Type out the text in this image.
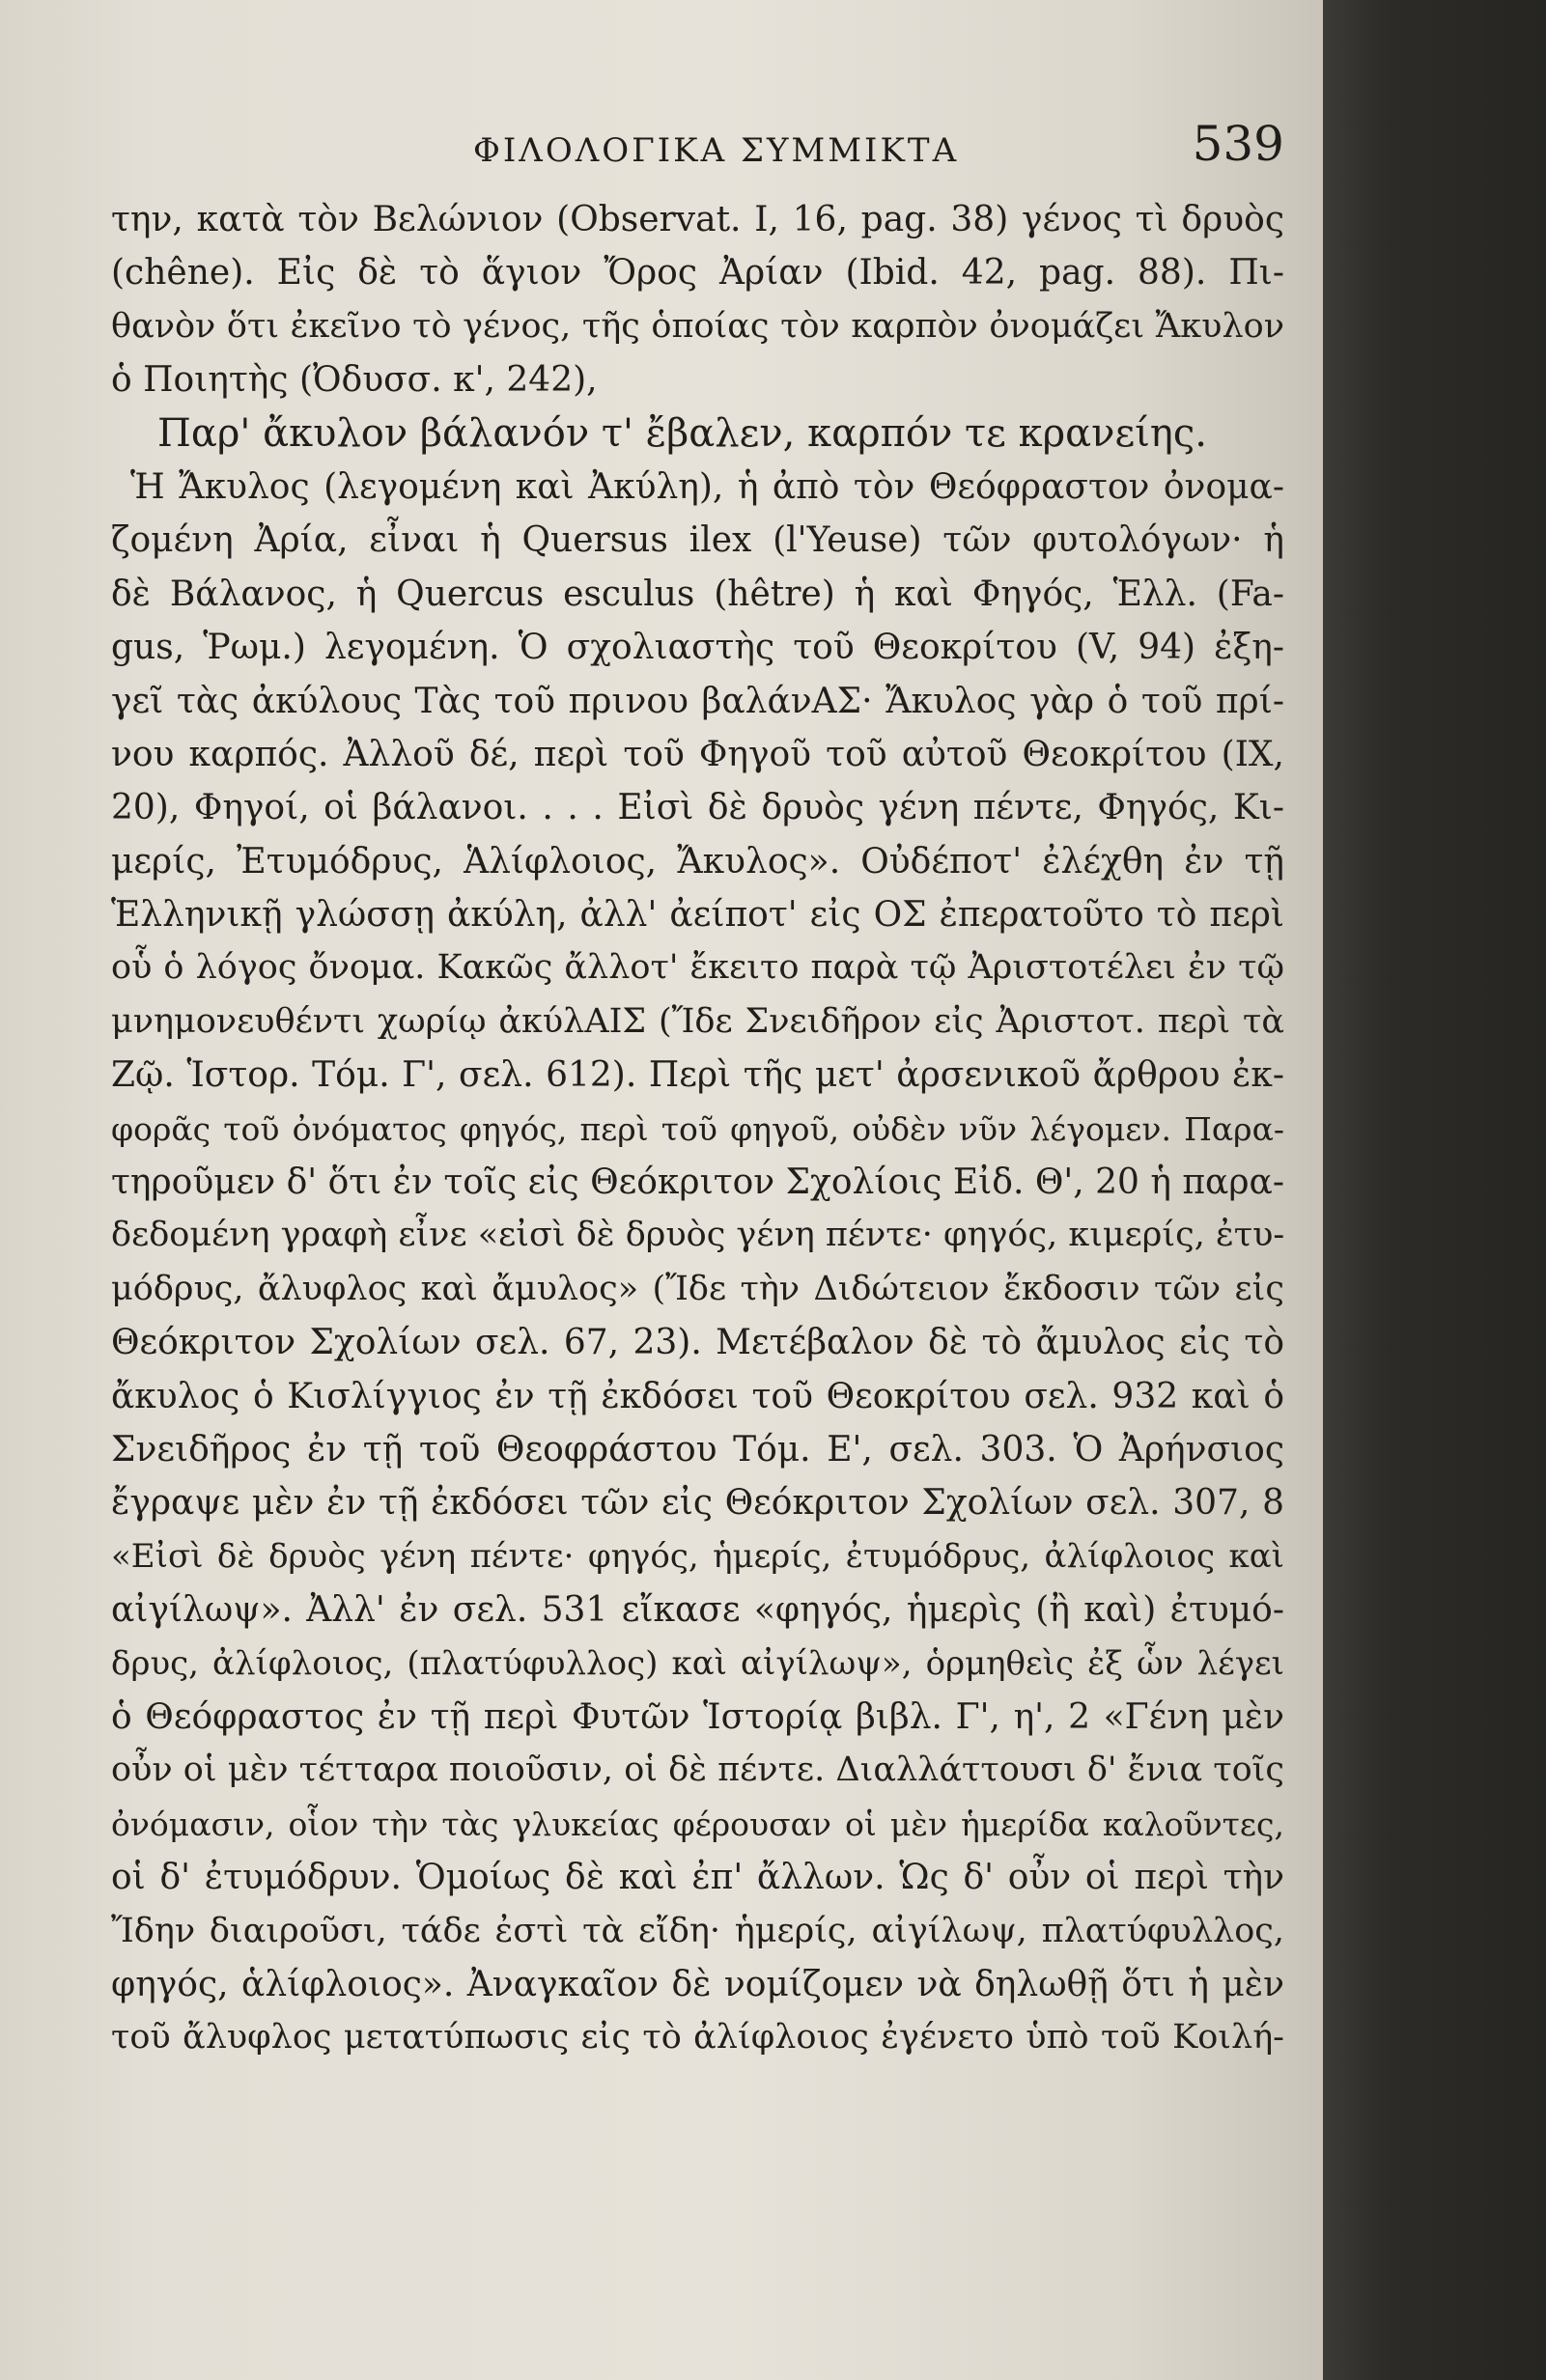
ΦΙΛΟΛΟΓΙΚΑ ΣΥΜΜΙΚΤΑ	539
την, κατὰ τὸν Βελώνιον (Observat. I, 16, pag. 38) γένος τὶ δρυὸς
(chêne). Εἰς δὲ τὸ ἅγιον Ὄρος Ἀρίαν (Ibid. 42, pag. 88). Πι-
θανὸν ὅτι ἐκεῖνο τὸ γένος, τῆς ὁποίας τὸν καρπὸν ὀνομάζει Ἄκυλον
ὁ Ποιητὴς (Ὀδυσσ. κ', 242),
Παρ' ἄκυλον βάλανόν τ' ἔβαλεν, καρπόν τε κρανείης.
Ἡ Ἄκυλος (λεγομένη καὶ Ἀκύλη), ἡ ἀπὸ τὸν Θεόφραστον ὀνομα-
ζομένη Ἀρία, εἶναι ἡ Quersus ilex (l'Yeuse) τῶν φυτολόγων· ἡ
δὲ Βάλανος, ἡ Quercus esculus (hêtre) ἡ καὶ Φηγός, Ἑλλ. (Fa-
gus, Ῥωμ.) λεγομένη. Ὁ σχολιαστὴς τοῦ Θεοκρίτου (V, 94) ἐξη-
γεῖ τὰς ἀκύλους Τὰς τοῦ πρινου βαλάνΑΣ· Ἄκυλος γὰρ ὁ τοῦ πρί-
νου καρπός. Ἀλλοῦ δέ, περὶ τοῦ Φηγοῦ τοῦ αὐτοῦ Θεοκρίτου (IX,
20), Φηγοί, οἱ βάλανοι. . . . Εἰσὶ δὲ δρυὸς γένη πέντε, Φηγός, Κι-
μερίς, Ἐτυμόδρυς, Ἁλίφλοιος, Ἄκυλος». Οὐδέποτ' ἐλέχθη ἐν τῇ
Ἑλληνικῇ γλώσσῃ ἀκύλη, ἀλλ' ἀείποτ' εἰς ΟΣ ἐπερατοῦτο τὸ περὶ
οὗ ὁ λόγος ὄνομα. Κακῶς ἄλλοτ' ἔκειτο παρὰ τῷ Ἀριστοτέλει ἐν τῷ
μνημονευθέντι χωρίῳ ἀκύλΑΙΣ (Ἴδε Σνειδῆρον εἰς Ἀριστοτ. περὶ τὰ
Ζῷ. Ἱστορ. Τόμ. Γ', σελ. 612). Περὶ τῆς μετ' ἀρσενικοῦ ἄρθρου ἐκ-
φορᾶς τοῦ ὀνόματος φηγός, περὶ τοῦ φηγοῦ, οὐδὲν νῦν λέγομεν. Παρα-
τηροῦμεν δ' ὅτι ἐν τοῖς εἰς Θεόκριτον Σχολίοις Εἰδ. Θ', 20 ἡ παρα-
δεδομένη γραφὴ εἶνε «εἰσὶ δὲ δρυὸς γένη πέντε· φηγός, κιμερίς, ἐτυ-
μόδρυς, ἄλυφλος καὶ ἄμυλος» (Ἴδε τὴν Διδώτειον ἔκδοσιν τῶν εἰς
Θεόκριτον Σχολίων σελ. 67, 23). Μετέβαλον δὲ τὸ ἄμυλος εἰς τὸ
ἄκυλος ὁ Κισλίγγιος ἐν τῇ ἐκδόσει τοῦ Θεοκρίτου σελ. 932 καὶ ὁ
Σνειδῆρος ἐν τῇ τοῦ Θεοφράστου Τόμ. Ε', σελ. 303. Ὁ Ἀρήνσιος
ἔγραψε μὲν ἐν τῇ ἐκδόσει τῶν εἰς Θεόκριτον Σχολίων σελ. 307, 8
«Εἰσὶ δὲ δρυὸς γένη πέντε· φηγός, ἡμερίς, ἐτυμόδρυς, ἀλίφλοιος καὶ
αἰγίλωψ». Ἀλλ' ἐν σελ. 531 εἴκασε «φηγός, ἡμερὶς (ἢ καὶ) ἐτυμό-
δρυς, ἀλίφλοιος, (πλατύφυλλος) καὶ αἰγίλωψ», ὁρμηθεὶς ἐξ ὧν λέγει
ὁ Θεόφραστος ἐν τῇ περὶ Φυτῶν Ἱστορίᾳ βιβλ. Γ', η', 2 «Γένη μὲν
οὖν οἱ μὲν τέτταρα ποιοῦσιν, οἱ δὲ πέντε. Διαλλάττουσι δ' ἔνια τοῖς
ὀνόμασιν, οἷον τὴν τὰς γλυκείας φέρουσαν οἱ μὲν ἡμερίδα καλοῦντες,
οἱ δ' ἐτυμόδρυν. Ὁμοίως δὲ καὶ ἐπ' ἄλλων. Ὡς δ' οὖν οἱ περὶ τὴν
Ἴδην διαιροῦσι, τάδε ἐστὶ τὰ εἴδη· ἡμερίς, αἰγίλωψ, πλατύφυλλος,
φηγός, ἁλίφλοιος». Ἀναγκαῖον δὲ νομίζομεν νὰ δηλωθῇ ὅτι ἡ μὲν
τοῦ ἄλυφλος μετατύπωσις εἰς τὸ ἀλίφλοιος ἐγένετο ὑπὸ τοῦ Κοιλή-
